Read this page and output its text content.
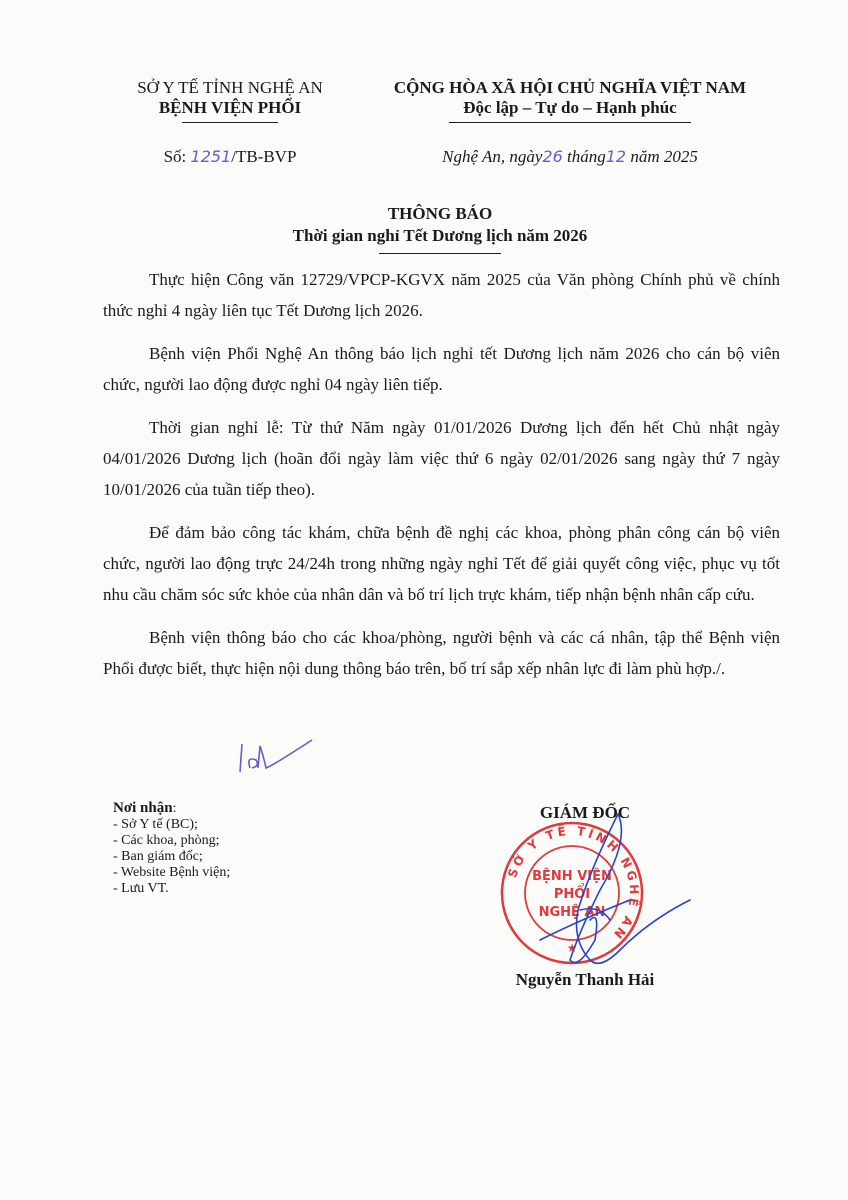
SỞ Y TẾ TỈNH NGHỆ AN
BỆNH VIỆN PHỔI
CỘNG HÒA XÃ HỘI CHỦ NGHĨA VIỆT NAM
Độc lập – Tự do – Hạnh phúc
Số: 1251/TB-BVP	Nghệ An, ngày26 tháng12 năm 2025
THÔNG BÁO
Thời gian nghỉ Tết Dương lịch năm 2026

Thực hiện Công văn 12729/VPCP-KGVX năm 2025 của Văn phòng Chính phủ về chính thức nghỉ 4 ngày liên tục Tết Dương lịch 2026.

Bệnh viện Phổi Nghệ An thông báo lịch nghỉ tết Dương lịch năm 2026 cho cán bộ viên chức, người lao động được nghỉ 04 ngày liên tiếp.

Thời gian nghỉ lễ: Từ thứ Năm ngày 01/01/2026 Dương lịch đến hết Chủ nhật ngày 04/01/2026 Dương lịch (hoãn đổi ngày làm việc thứ 6 ngày 02/01/2026 sang ngày thứ 7 ngày 10/01/2026 của tuần tiếp theo).

Để đảm bảo công tác khám, chữa bệnh đề nghị các khoa, phòng phân công cán bộ viên chức, người lao động trực 24/24h trong những ngày nghỉ Tết để giải quyết công việc, phục vụ tốt nhu cầu chăm sóc sức khỏe của nhân dân và bố trí lịch trực khám, tiếp nhận bệnh nhân cấp cứu.

Bệnh viện thông báo cho các khoa/phòng, người bệnh và các cá nhân, tập thể Bệnh viện Phổi được biết, thực hiện nội dung thông báo trên, bố trí sắp xếp nhân lực đi làm phù hợp./.

Nơi nhận:
- Sở Y tế (BC);
- Các khoa, phòng;
- Ban giám đốc;
- Website Bệnh viện;
- Lưu VT.
GIÁM ĐỐC
SỞ Y TẾ TỈNH NGHỆ AN
BỆNH VIỆN
PHỔI
NGHỆ AN
★
Nguyễn Thanh Hải
